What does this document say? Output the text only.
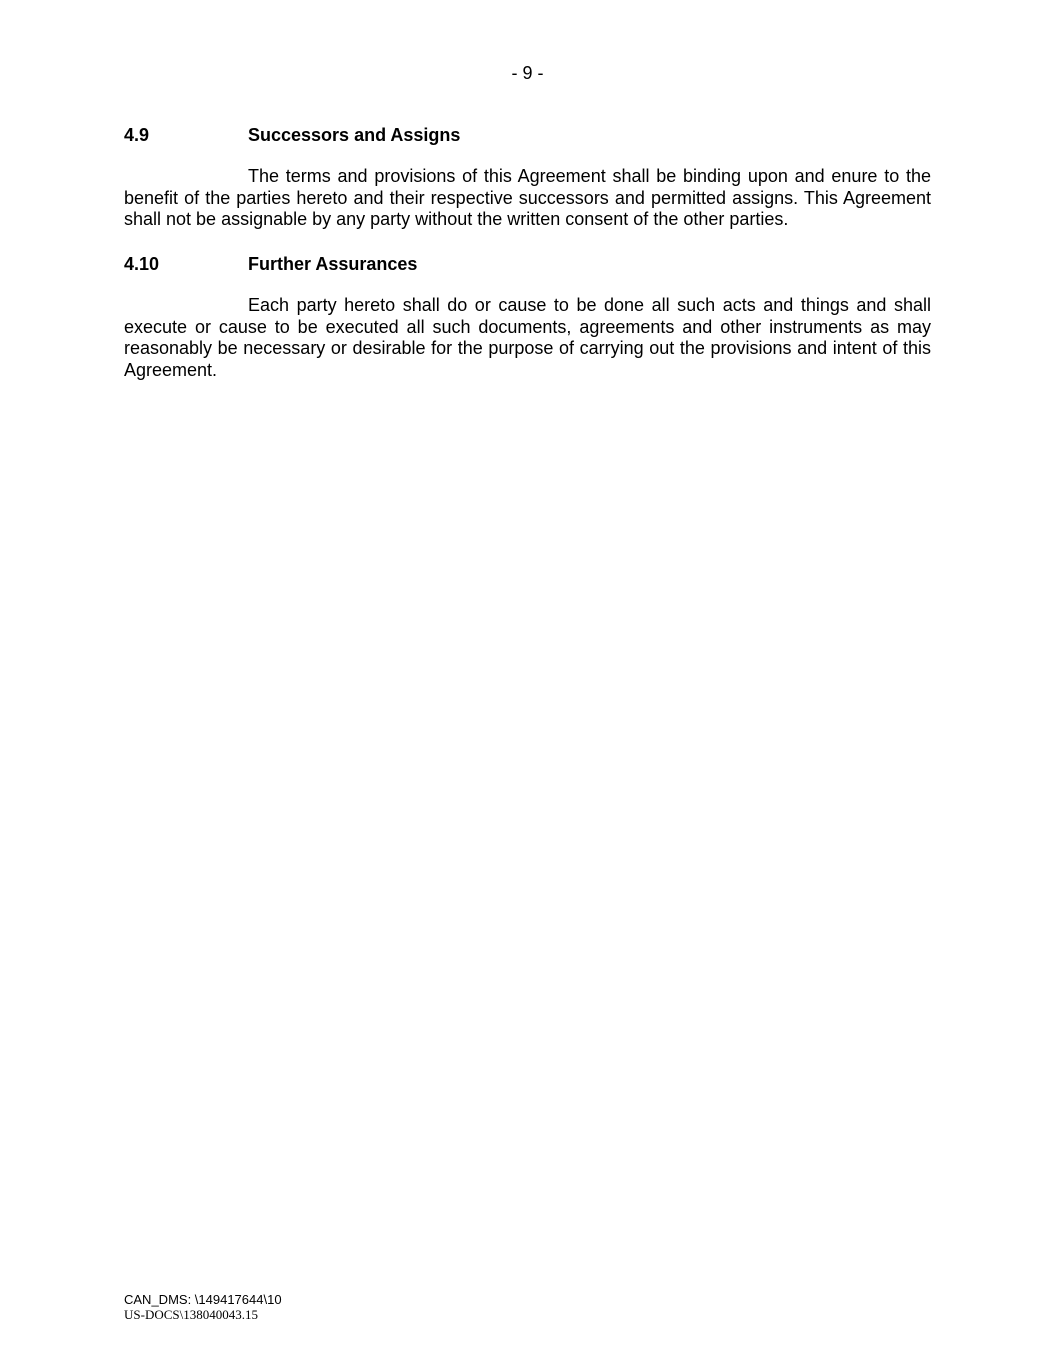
- 9 -
4.9	Successors and Assigns

The terms and provisions of this Agreement shall be binding upon and enure to the benefit of the parties hereto and their respective successors and permitted assigns. This Agreement shall not be assignable by any party without the written consent of the other parties.

4.10	Further Assurances

Each party hereto shall do or cause to be done all such acts and things and shall execute or cause to be executed all such documents, agreements and other instruments as may reasonably be necessary or desirable for the purpose of carrying out the provisions and intent of this Agreement.

CAN_DMS: \149417644\10
US-DOCS\138040043.15
